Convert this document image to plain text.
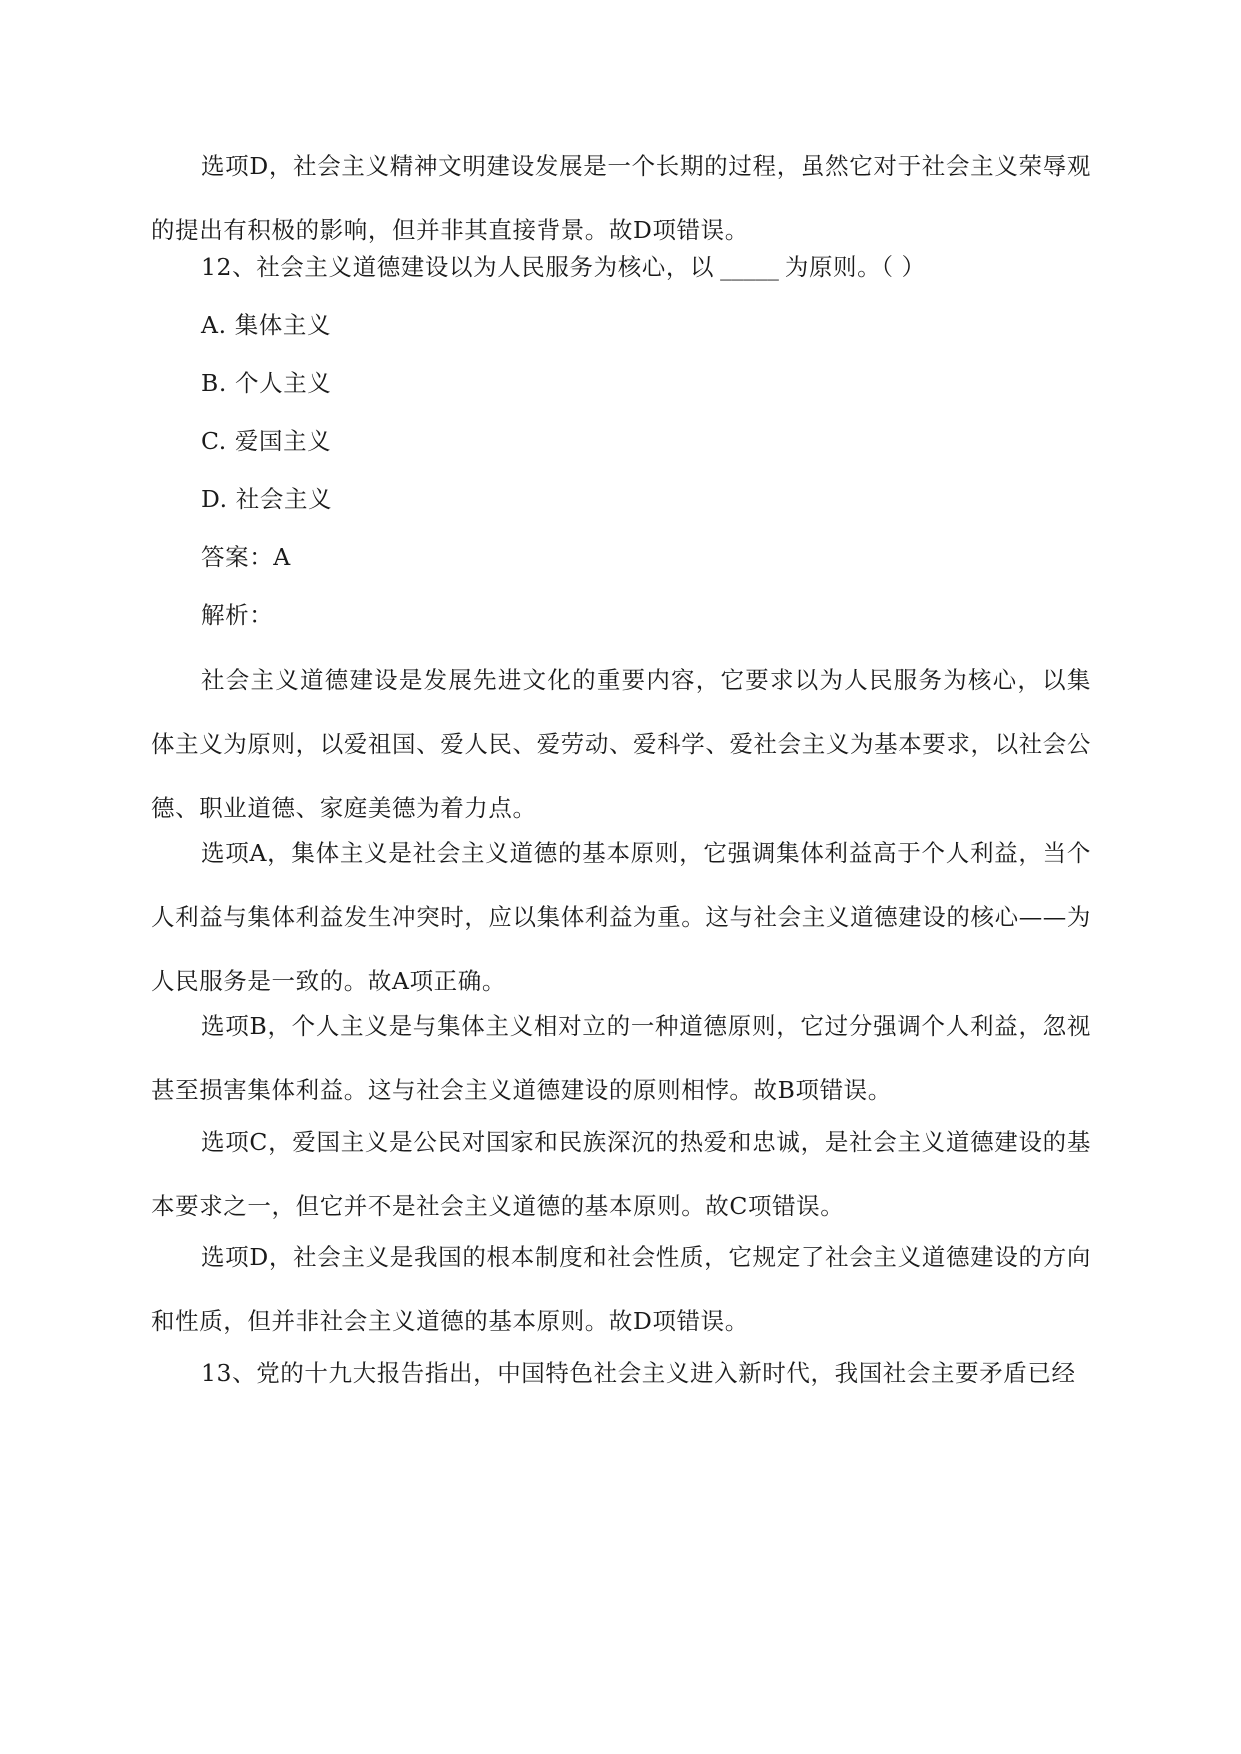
选项D，社会主义精神文明建设发展是一个长期的过程，虽然它对于社会主义荣辱观的提出有积极的影响，但并非其直接背景。故D项错误。

12、社会主义道德建设以为人民服务为核心，以 _____ 为原则。（ ）

A. 集体主义

B. 个人主义

C. 爱国主义

D. 社会主义

答案：A

解析：

社会主义道德建设是发展先进文化的重要内容，它要求以为人民服务为核心，以集体主义为原则，以爱祖国、爱人民、爱劳动、爱科学、爱社会主义为基本要求，以社会公德、职业道德、家庭美德为着力点。

选项A，集体主义是社会主义道德的基本原则，它强调集体利益高于个人利益，当个人利益与集体利益发生冲突时，应以集体利益为重。这与社会主义道德建设的核心——为人民服务是一致的。故A项正确。

选项B，个人主义是与集体主义相对立的一种道德原则，它过分强调个人利益，忽视甚至损害集体利益。这与社会主义道德建设的原则相悖。故B项错误。

选项C，爱国主义是公民对国家和民族深沉的热爱和忠诚，是社会主义道德建设的基本要求之一，但它并不是社会主义道德的基本原则。故C项错误。

选项D，社会主义是我国的根本制度和社会性质，它规定了社会主义道德建设的方向和性质，但并非社会主义道德的基本原则。故D项错误。

13、党的十九大报告指出，中国特色社会主义进入新时代，我国社会主要矛盾已经
